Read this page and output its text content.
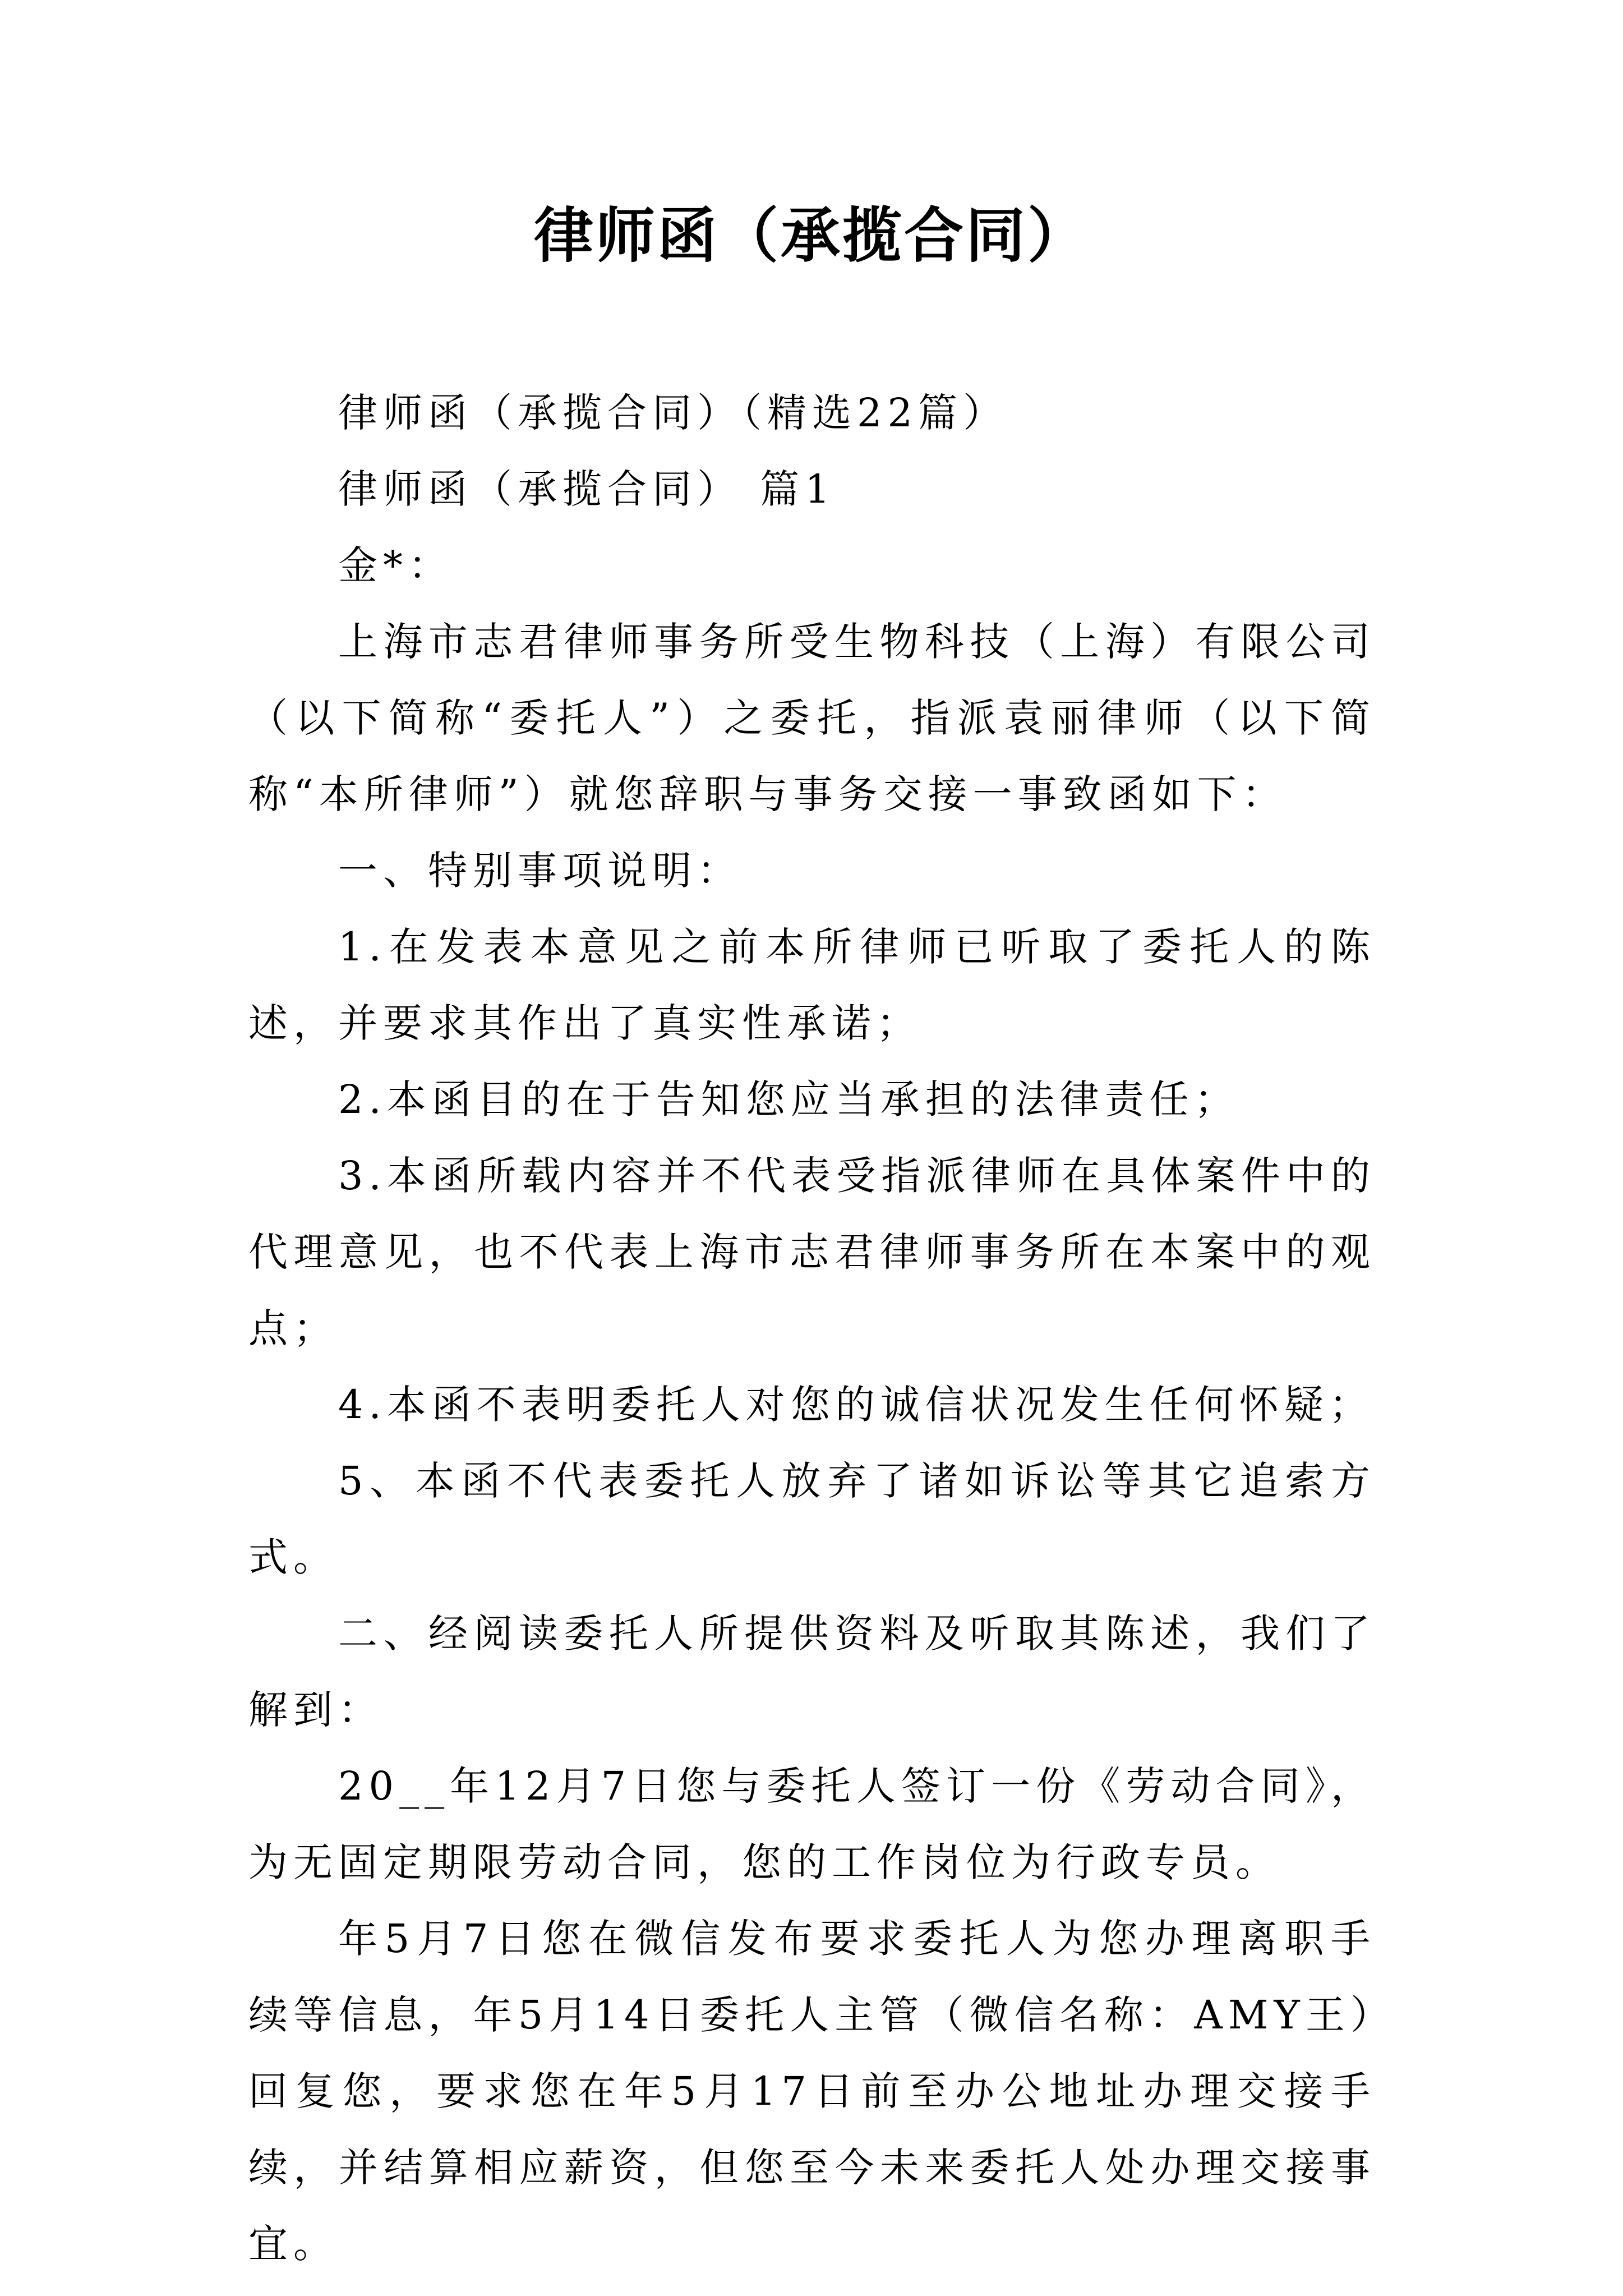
律师函（承揽合同）

律师函（承揽合同）（精选22篇）

律师函（承揽合同） 篇1

金*：

上海市志君律师事务所受生物科技（上海）有限公司（以下简称“委托人”）之委托，指派袁丽律师（以下简称“本所律师”）就您辞职与事务交接一事致函如下：

一、特别事项说明：

1.在发表本意见之前本所律师已听取了委托人的陈述，并要求其作出了真实性承诺；

2.本函目的在于告知您应当承担的法律责任；

3.本函所载内容并不代表受指派律师在具体案件中的代理意见，也不代表上海市志君律师事务所在本案中的观点；

4.本函不表明委托人对您的诚信状况发生任何怀疑；

5、本函不代表委托人放弃了诸如诉讼等其它追索方式。

二、经阅读委托人所提供资料及听取其陈述，我们了解到：

20__年12月7日您与委托人签订一份《劳动合同》，为无固定期限劳动合同，您的工作岗位为行政专员。

年5月7日您在微信发布要求委托人为您办理离职手续等信息，年5月14日委托人主管（微信名称：AMY王）回复您，要求您在年5月17日前至办公地址办理交接手续，并结算相应薪资，但您至今未来委托人处办理交接事宜。
